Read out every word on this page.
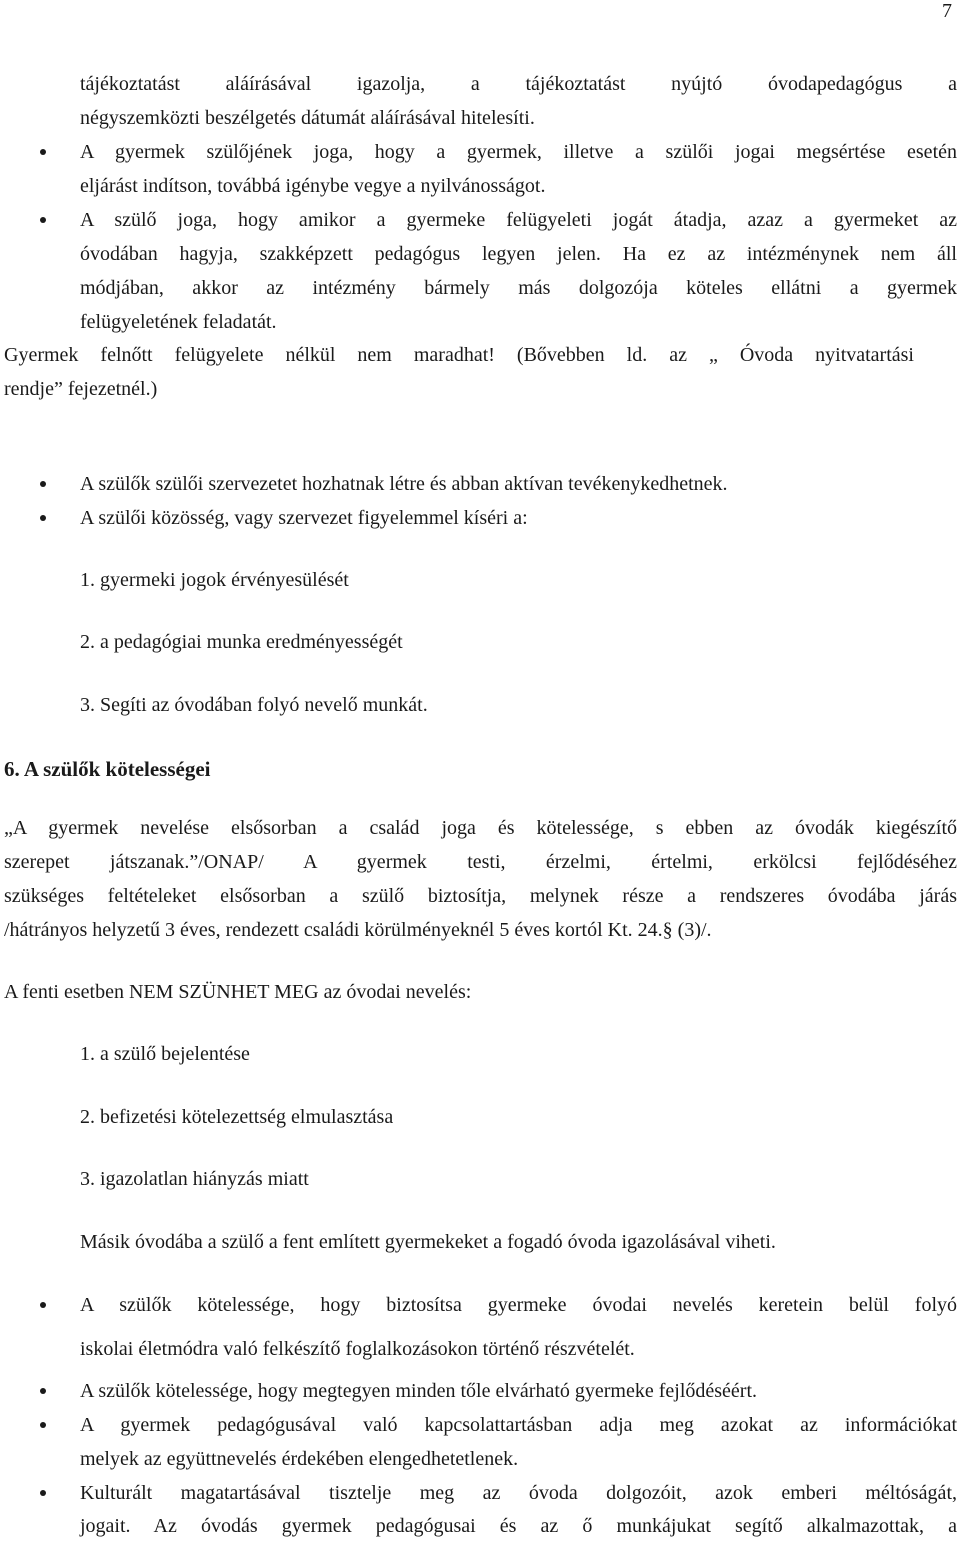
7
tájékoztatást aláírásával igazolja, a tájékoztatást nyújtó óvodapedagógus a
négyszemközti beszélgetés dátumát aláírásával hitelesíti.
A gyermek szülőjének joga, hogy a gyermek, illetve a szülői jogai megsértése esetén
eljárást indítson, továbbá igénybe vegye a nyilvánosságot.
A szülő joga, hogy amikor a gyermeke felügyeleti jogát átadja, azaz a gyermeket az
óvodában hagyja, szakképzett pedagógus legyen jelen. Ha ez az intézménynek nem áll
módjában, akkor az intézmény bármely más dolgozója köteles ellátni a gyermek
felügyeletének feladatát.
Gyermek felnőtt felügyelete nélkül nem maradhat! (Bővebben ld. az „ Óvoda nyitvatartási
rendje” fejezetnél.)
A szülők szülői szervezetet hozhatnak létre és abban aktívan tevékenykedhetnek.
A szülői közösség, vagy szervezet figyelemmel kíséri a:
1. gyermeki jogok érvényesülését
2. a pedagógiai munka eredményességét
3. Segíti az óvodában folyó nevelő munkát.
6. A szülők kötelességei
„A gyermek nevelése elsősorban a család joga és kötelessége, s ebben az óvodák kiegészítő
szerepet játszanak.”/ONAP/ A gyermek testi, érzelmi, értelmi, erkölcsi fejlődéséhez
szükséges feltételeket elsősorban a szülő biztosítja, melynek része a rendszeres óvodába járás
/hátrányos helyzetű 3 éves, rendezett családi körülményeknél 5 éves kortól Kt. 24.§ (3)/.
A fenti esetben NEM SZÜNHET MEG az óvodai nevelés:
1. a szülő bejelentése
2. befizetési kötelezettség elmulasztása
3. igazolatlan hiányzás miatt
Másik óvodába a szülő a fent említett gyermekeket a fogadó óvoda igazolásával viheti.
A szülők kötelessége, hogy biztosítsa gyermeke óvodai nevelés keretein belül folyó
iskolai életmódra való felkészítő foglalkozásokon történő részvételét.
A szülők kötelessége, hogy megtegyen minden tőle elvárható gyermeke fejlődéséért.
A gyermek pedagógusával való kapcsolattartásban adja meg azokat az információkat
melyek az együttnevelés érdekében elengedhetetlenek.
Kulturált magatartásával tisztelje meg az óvoda dolgozóit, azok emberi méltóságát,
jogait. Az óvodás gyermek pedagógusai és az ő munkájukat segítő alkalmazottak, a
